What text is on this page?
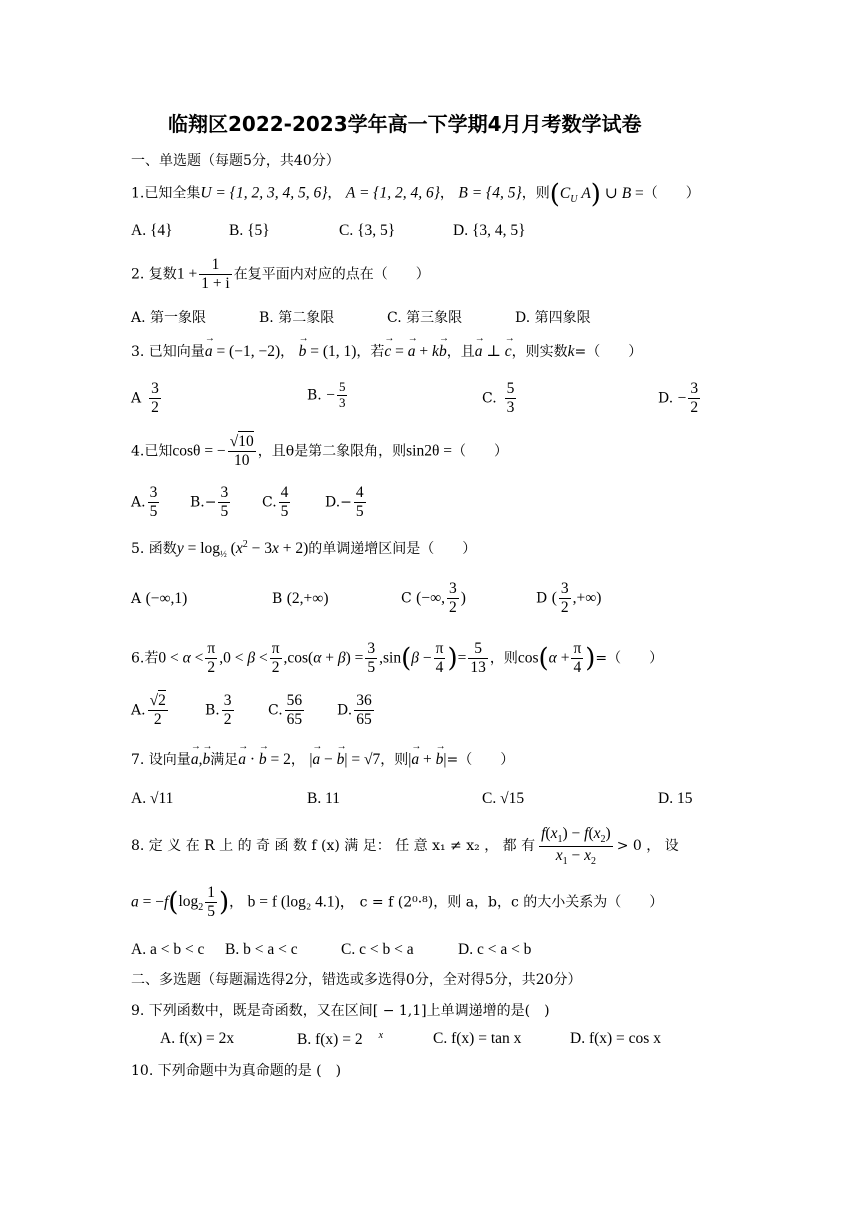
临翔区2022-2023学年高一下学期4月月考数学试卷
一、单选题（每题5分，共40分）
1.已知全集U = {1, 2, 3, 4, 5, 6}， A = {1, 2, 4, 6}， B = {4, 5}，则($C_U$ A) ∪ B =（　　）
A. {4}	B. {5}	C. {3, 5}	D. {3, 4, 5}
2. 复数$1 + \frac{1}{1 + i}$ 在复平面内对应的点在（　　）
A. 第一象限	B. 第二象限	C. 第三象限	D. 第四象限
3. 已知向量→ a = (−1, −2)， → b = (1, 1)，若→ c = → a + k→ b，且→ a ⊥ → c，则实数k=（　　）
A $\frac{3}{2}$	B. − $\frac{5}{3}$	C. $\frac{5}{3}$	D. − $\frac{3}{2}$
4.已知cosθ = − $\frac{√10}{10}$ ，且θ是第二象限角，则sin2θ =（　　）
A. $\frac{3}{5} B.- \frac{3}{5} C$. $\frac{4}{5} D.- \frac{4}{5}$
5. 函数$y = \log_{\frac{1}{2}} (x^2 - 3x + 2)$的单调递增区间是（　　）
A (−∞,1)	B (2,+∞)	C (−∞, $\frac{3}{2}$ )	D ( $\frac{3}{2}$ ,+∞)
6.若$0 < \alpha < \frac{\pi}{2} ,0 < \beta < \frac{\pi}{2} ,\cos(\alpha + \beta) = \frac{3}{5} ,\sin(\beta - \frac{\pi}{4}$ )= $\frac{5}{13}$ ，则$\cos(\alpha + \frac{\pi}{4}$ )=（　　）
A. $\frac{√2}{2}$	B. $\frac{3}{2} C$. $\frac{56}{65} D$. $\frac{36}{65}$
7. 设向量→ a,→ b满足→ a · → b = 2， |→ a − → b| = √7，则|→ a + → b|=（　　）
A. √11	B. 11	C. √15	D. 15
8. 定 义 在 R 上 的 奇 函 数 f (x) 满 足： 任 意 x₁ ≠ x₂ ， 都 有 $\frac{f(x_1) - f(x_2)}{x_1 - x_2} > 0$ ， 设
$a = -f(\log_2 \frac{1}{5}$ )， b = f (log₂ 4.1)， c = f (2⁰·⁸)，则 a，b，c 的大小关系为（　　）
A. a < b < c B. b < a < c	C. c < b < a	D. c < a < b
二、多选题（每题漏选得2分，错选或多选得0分，全对得5分，共20分）
9. 下列函数中，既是奇函数，又在区间[ − 1,1]上单调递增的是(　)
A. f(x) = 2x	B. f(x) = 2 $^x$	C. f(x) = tan x	D. f(x) = cos x
10. 下列命题中为真命题的是 (　)
